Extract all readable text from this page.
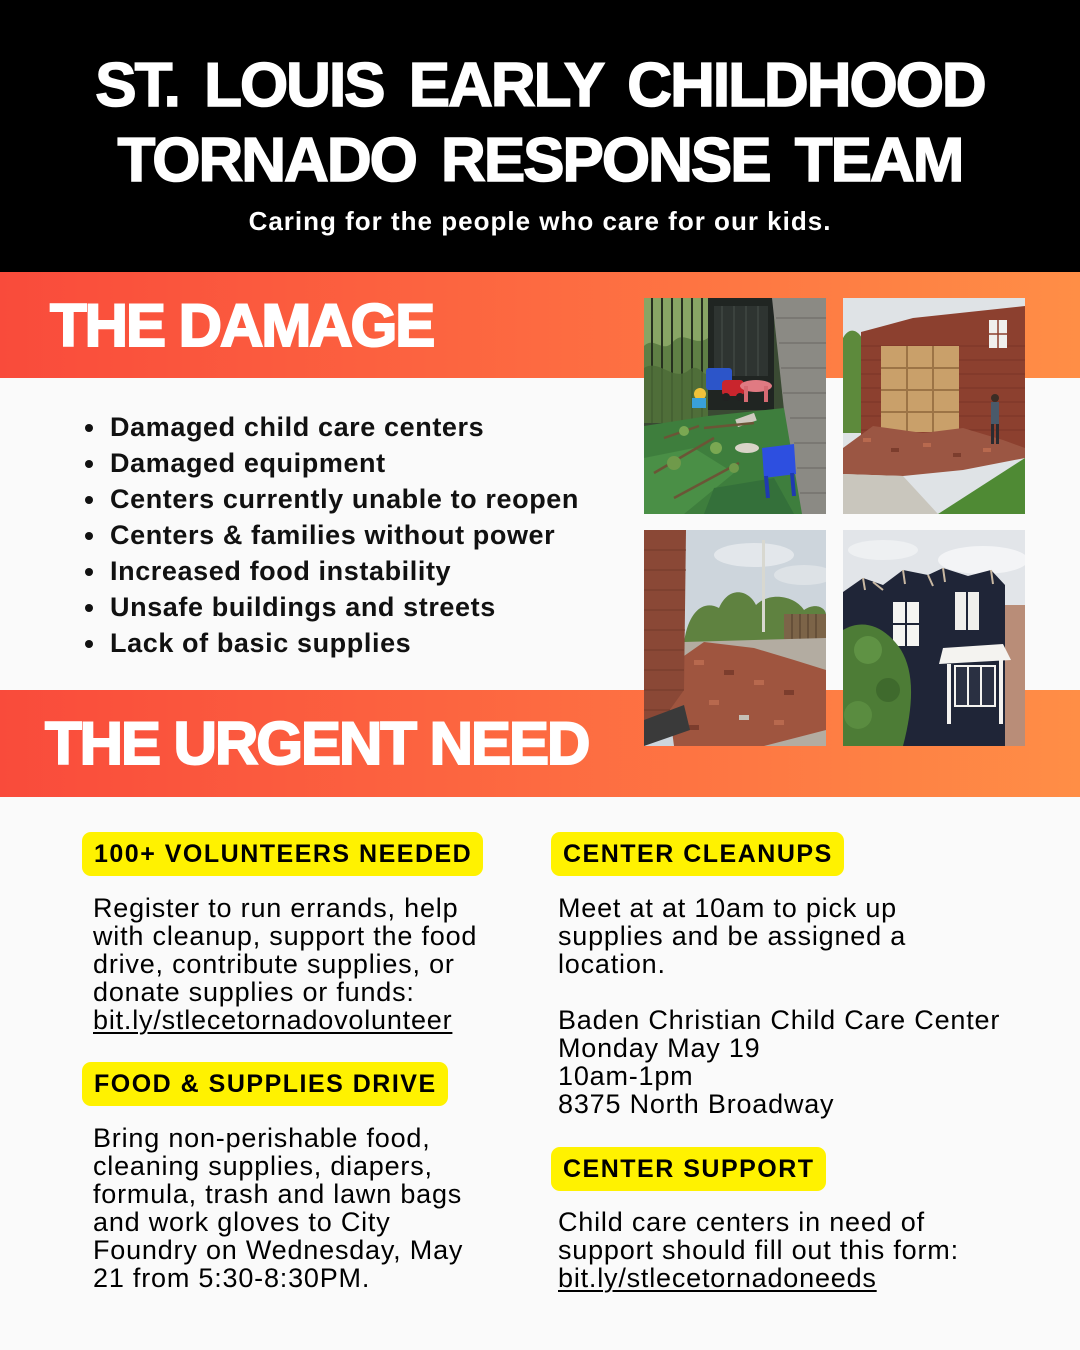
ST. LOUIS EARLY CHILDHOOD
TORNADO RESPONSE TEAM
Caring for the people who care for our kids.
THE DAMAGE
Damaged child care centers
Damaged equipment
Centers currently unable to reopen
Centers & families without power
Increased food instability
Unsafe buildings and streets
Lack of basic supplies
THE URGENT NEED
100+ VOLUNTEERS NEEDED
Register to run errands, help
with cleanup, support the food
drive, contribute supplies, or
donate supplies or funds:
bit.ly/stlecetornadovolunteer
FOOD & SUPPLIES DRIVE
Bring non-perishable food,
cleaning supplies, diapers,
formula, trash and lawn bags
and work gloves to City
Foundry on Wednesday, May
21 from 5:30-8:30PM.
CENTER CLEANUPS
Meet at at 10am to pick up
supplies and be assigned a
location.
Baden Christian Child Care Center
Monday May 19
10am-1pm
8375 North Broadway
CENTER SUPPORT
Child care centers in need of
support should fill out this form:
bit.ly/stlecetornadoneeds
